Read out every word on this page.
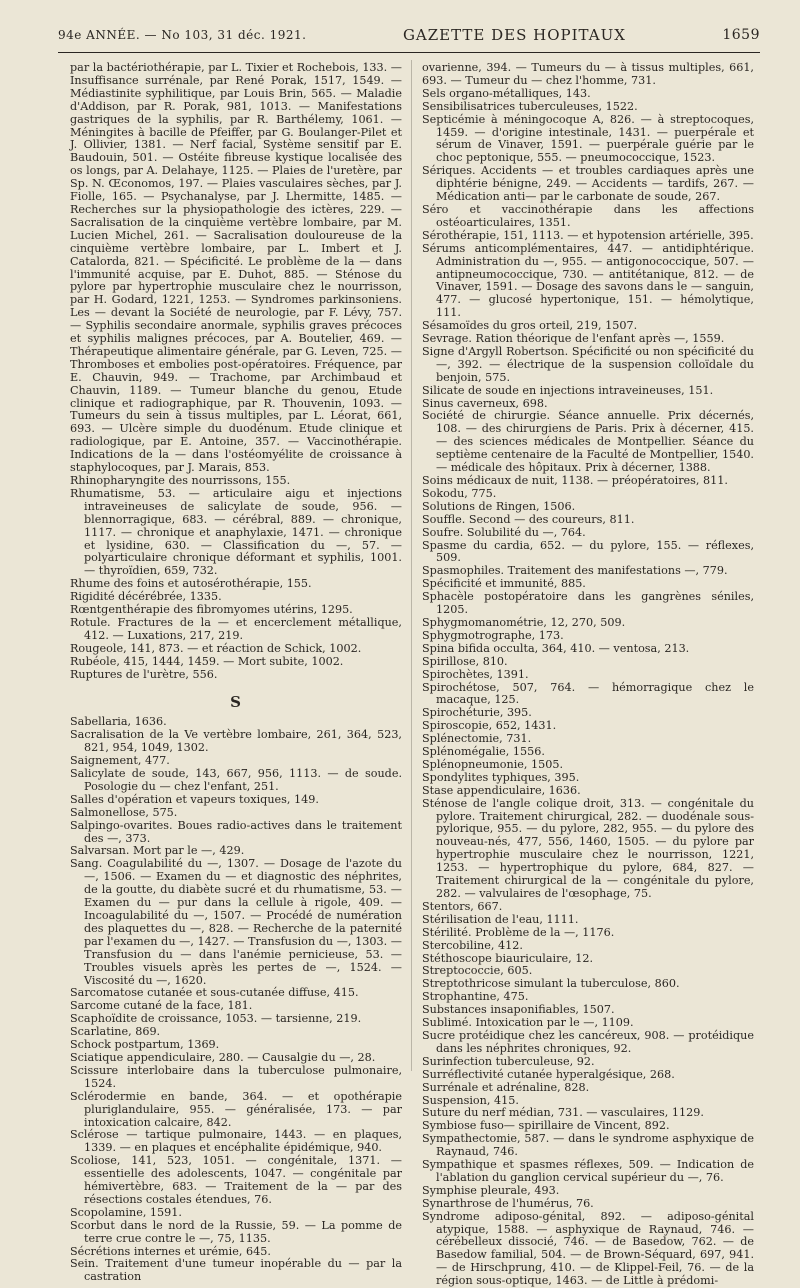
94e ANNÉE. — No 103, 31 déc. 1921.	GAZETTE DES HOPITAUX	1659

par la bactériothérapie, par L. Tixier et Rochebois, 133. — Insuffisance surrénale, par René Porak, 1517, 1549. — Médiastinite syphilitique, par Louis Brin, 565. — Maladie d'Addison, par R. Porak, 981, 1013. — Manifestations gastriques de la syphilis, par R. Barthélemy, 1061. — Méningites à bacille de Pfeiffer, par G. Boulanger-Pilet et J. Ollivier, 1381. — Nerf facial, Système sensitif par E. Baudouin, 501. — Ostéite fibreuse kystique localisée des os longs, par A. Delahaye, 1125. — Plaies de l'uretère, par Sp. N. Œconomos, 197. — Plaies vasculaires sèches, par J. Fiolle, 165. — Psychanalyse, par J. Lhermitte, 1485. — Recherches sur la physiopathologie des ictères, 229. — Sacralisation de la cinquième vertèbre lombaire, par M. Lucien Michel, 261. — Sacralisation douloureuse de la cinquième vertèbre lombaire, par L. Imbert et J. Catalorda, 821. — Spécificité. Le problème de la — dans l'immunité acquise, par E. Duhot, 885. — Sténose du pylore par hypertrophie musculaire chez le nourrisson, par H. Godard, 1221, 1253. — Syndromes parkinsoniens. Les — devant la Société de neurologie, par F. Lévy, 757. — Syphilis secondaire anormale, syphilis graves précoces et syphilis malignes précoces, par A. Boutelier, 469. — Thérapeutique alimentaire générale, par G. Leven, 725. — Thromboses et embolies post-opératoires. Fréquence, par E. Chauvin, 949. — Trachome, par Archimbaud et Chauvin, 1189. — Tumeur blanche du genou, Etude clinique et radiographique, par R. Thouvenin, 1093. — Tumeurs du sein à tissus multiples, par L. Léorat, 661, 693. — Ulcère simple du duodénum. Etude clinique et radiologique, par E. Antoine, 357. — Vaccinothérapie. Indications de la — dans l'ostéomyélite de croissance à staphylocoques, par J. Marais, 853.

Rhinopharyngite des nourrissons, 155.

Rhumatisme, 53. — articulaire aigu et injections intraveineuses de salicylate de soude, 956. — blennorragique, 683. — cérébral, 889. — chronique, 1117. — chronique et anaphylaxie, 1471. — chronique et lysidine, 630. — Classification du —, 57. — polyarticulaire chronique déformant et syphilis, 1001. — thyroïdien, 659, 732.

Rhume des foins et autosérothérapie, 155.

Rigidité décérébrée, 1335.

Rœntgenthérapie des fibromyomes utérins, 1295.

Rotule. Fractures de la — et encerclement métallique, 412. — Luxations, 217, 219.

Rougeole, 141, 873. — et réaction de Schick, 1002.

Rubéole, 415, 1444, 1459. — Mort subite, 1002.

Ruptures de l'urètre, 556.

S

Sabellaria, 1636.

Sacralisation de la Ve vertèbre lombaire, 261, 364, 523, 821, 954, 1049, 1302.

Saignement, 477.

Salicylate de soude, 143, 667, 956, 1113. — de soude. Posologie du — chez l'enfant, 251.

Salles d'opération et vapeurs toxiques, 149.

Salmonellose, 575.

Salpingo-ovarites. Boues radio-actives dans le traitement des —, 373.

Salvarsan. Mort par le —, 429.

Sang. Coagulabilité du —, 1307. — Dosage de l'azote du —, 1506. — Examen du — et diagnostic des néphrites, de la goutte, du diabète sucré et du rhumatisme, 53. — Examen du — pur dans la cellule à rigole, 409. — Incoagulabilité du —, 1507. — Procédé de numération des plaquettes du —, 828. — Recherche de la paternité par l'examen du —, 1427. — Transfusion du —, 1303. — Transfusion du — dans l'anémie pernicieuse, 53. — Troubles visuels après les pertes de —, 1524. — Viscosité du —, 1620.

Sarcomatose cutanée et sous-cutanée diffuse, 415.

Sarcome cutané de la face, 181.

Scaphoïdite de croissance, 1053. — tarsienne, 219.

Scarlatine, 869.

Schock postpartum, 1369.

Sciatique appendiculaire, 280. — Causalgie du —, 28.

Scissure interlobaire dans la tuberculose pulmonaire, 1524.

Sclérodermie en bande, 364. — et opothérapie pluriglandulaire, 955. — généralisée, 173. — par intoxication calcaire, 842.

Sclérose — tartique pulmonaire, 1443. — en plaques, 1339. — en plaques et encéphalite épidémique, 940.

Scoliose, 141, 523, 1051. — congénitale, 1371. — essentielle des adolescents, 1047. — congénitale par hémivertèbre, 683. — Traitement de la — par des résections costales étendues, 76.

Scopolamine, 1591.

Scorbut dans le nord de la Russie, 59. — La pomme de terre crue contre le —, 75, 1135.

Sécrétions internes et urémie, 645.

Sein. Traitement d'une tumeur inopérable du — par la castration

ovarienne, 394. — Tumeurs du — à tissus multiples, 661, 693. — Tumeur du — chez l'homme, 731.

Sels organo-métalliques, 143.

Sensibilisatrices tuberculeuses, 1522.

Septicémie à méningocoque A, 826. — à streptocoques, 1459. — d'origine intestinale, 1431. — puerpérale et sérum de Vinaver, 1591. — puerpérale guérie par le choc peptonique, 555. — pneumococcique, 1523.

Sériques. Accidents — et troubles cardiaques après une diphtérie bénigne, 249. — Accidents — tardifs, 267. — Médication anti— par le carbonate de soude, 267.

Séro et vaccinothérapie dans les affections ostéoarticulaires, 1351.

Sérothérapie, 151, 1113. — et hypotension artérielle, 395.

Sérums anticomplémentaires, 447. — antidiphtérique. Administration du —, 955. — antigonococcique, 507. — antipneumococcique, 730. — antitétanique, 812. — de Vinaver, 1591. — Dosage des savons dans le — sanguin, 477. — glucosé hypertonique, 151. — hémolytique, 111.

Sésamoïdes du gros orteil, 219, 1507.

Sevrage. Ration théorique de l'enfant après —, 1559.

Signe d'Argyll Robertson. Spécificité ou non spécificité du —, 392. — électrique de la suspension colloïdale du benjoin, 575.

Silicate de soude en injections intraveineuses, 151.

Sinus caverneux, 698.

Société de chirurgie. Séance annuelle. Prix décernés, 108. — des chirurgiens de Paris. Prix à décerner, 415. — des sciences médicales de Montpellier. Séance du septième centenaire de la Faculté de Montpellier, 1540. — médicale des hôpitaux. Prix à décerner, 1388.

Soins médicaux de nuit, 1138. — préopératoires, 811.

Sokodu, 775.

Solutions de Ringen, 1506.

Souffle. Second — des coureurs, 811.

Soufre. Solubilité du —, 764.

Spasme du cardia, 652. — du pylore, 155. — réflexes, 509.

Spasmophiles. Traitement des manifestations —, 779.

Spécificité et immunité, 885.

Sphacèle postopératoire dans les gangrènes séniles, 1205.

Sphygmomanométrie, 12, 270, 509.

Sphygmotrographe, 173.

Spina bifida occulta, 364, 410. — ventosa, 213.

Spirillose, 810.

Spirochètes, 1391.

Spirochétose, 507, 764. — hémorragique chez le macaque, 125.

Spirochéturie, 395.

Spiroscopie, 652, 1431.

Splénectomie, 731.

Splénomégalie, 1556.

Splénopneumonie, 1505.

Spondylites typhiques, 395.

Stase appendiculaire, 1636.

Sténose de l'angle colique droit, 313. — congénitale du pylore. Traitement chirurgical, 282. — duodénale sous-pylorique, 955. — du pylore, 282, 955. — du pylore des nouveau-nés, 477, 556, 1460, 1505. — du pylore par hypertrophie musculaire chez le nourrisson, 1221, 1253. — hypertrophique du pylore, 684, 827. — Traitement chirurgical de la — congénitale du pylore, 282. — valvulaires de l'œsophage, 75.

Stentors, 667.

Stérilisation de l'eau, 1111.

Stérilité. Problème de la —, 1176.

Stercobiline, 412.

Stéthoscope biauriculaire, 12.

Streptococcie, 605.

Streptothricose simulant la tuberculose, 860.

Strophantine, 475.

Substances insaponifiables, 1507.

Sublimé. Intoxication par le —, 1109.

Sucre protéidique chez les cancéreux, 908. — protéidique dans les néphrites chroniques, 92.

Surinfection tuberculeuse, 92.

Surréflectivité cutanée hyperalgésique, 268.

Surrénale et adrénaline, 828.

Suspension, 415.

Suture du nerf médian, 731. — vasculaires, 1129.

Symbiose fuso— spirillaire de Vincent, 892.

Sympathectomie, 587. — dans le syndrome asphyxique de Raynaud, 746.

Sympathique et spasmes réflexes, 509. — Indication de l'ablation du ganglion cervical supérieur du —, 76.

Symphise pleurale, 493.

Synarthrose de l'humérus, 76.

Syndrome adiposo-génital, 892. — adiposo-génital atypique, 1588. — asphyxique de Raynaud, 746. — cérébelleux dissocié, 746. — de Basedow, 762. — de Basedow familial, 504. — de Brown-Séquard, 697, 941. — de Hirschprung, 410. — de Klippel-Feil, 76. — de la région sous-optique, 1463. — de Little à prédomi-
